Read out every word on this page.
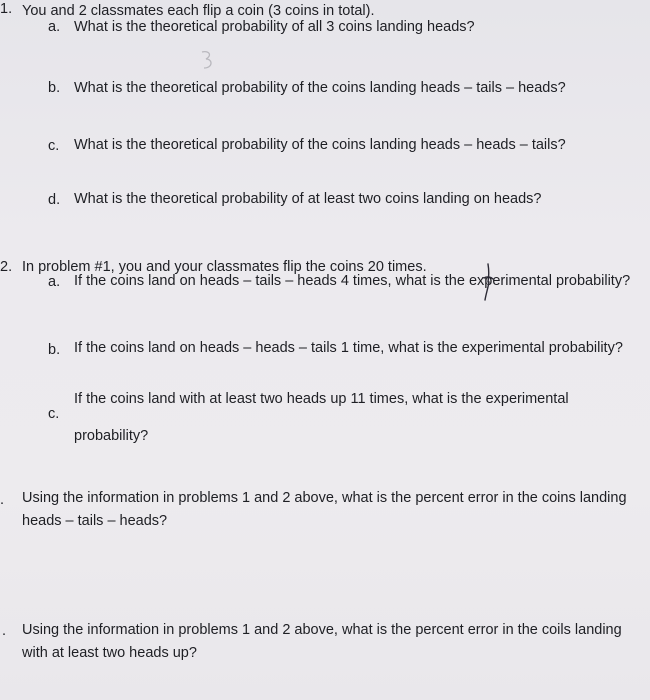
1. You and 2 classmates each flip a coin (3 coins in total).
a. What is the theoretical probability of all 3 coins landing heads?
b. What is the theoretical probability of the coins landing heads – tails – heads?
c. What is the theoretical probability of the coins landing heads – heads – tails?
d. What is the theoretical probability of at least two coins landing on heads?
2. In problem #1, you and your classmates flip the coins 20 times.
a. If the coins land on heads – tails – heads 4 times, what is the experimental probability?
b. If the coins land on heads – heads – tails 1 time, what is the experimental probability?
c.
If the coins land with at least two heads up 11 times, what is the experimental
probability?
. Using the information in problems 1 and 2 above, what is the percent error in the coins landing
heads – tails – heads?
. Using the information in problems 1 and 2 above, what is the percent error in the coils landing
with at least two heads up?
